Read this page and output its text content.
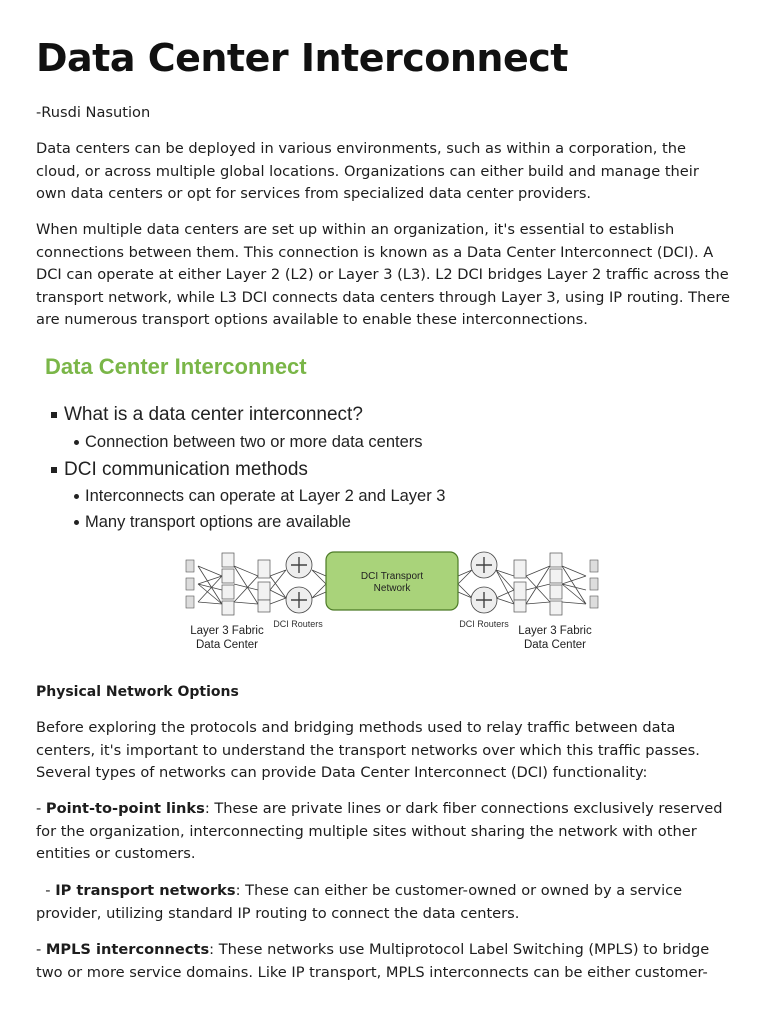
Data Center Interconnect

-Rusdi Nasution

Data centers can be deployed in various environments, such as within a corporation, the cloud, or across multiple global locations. Organizations can either build and manage their own data centers or opt for services from specialized data center providers.

When multiple data centers are set up within an organization, it's essential to establish connections between them. This connection is known as a Data Center Interconnect (DCI). A DCI can operate at either Layer 2 (L2) or Layer 3 (L3). L2 DCI bridges Layer 2 traffic across the transport network, while L3 DCI connects data centers through Layer 3, using IP routing. There are numerous transport options available to enable these interconnections.

Physical Network Options

Before exploring the protocols and bridging methods used to relay traffic between data centers, it's important to understand the transport networks over which this traffic passes. Several types of networks can provide Data Center Interconnect (DCI) functionality:

- Point-to-point links: These are private lines or dark fiber connections exclusively reserved for the organization, interconnecting multiple sites without sharing the network with other entities or customers.

- IP transport networks: These can either be customer-owned or owned by a service provider, utilizing standard IP routing to connect the data centers.

- MPLS interconnects: These networks use Multiprotocol Label Switching (MPLS) to bridge two or more service domains. Like IP transport, MPLS interconnects can be either customer-

Data Center Interconnect
What is a data center interconnect?
Connection between two or more data centers
DCI communication methods
Interconnects can operate at Layer 2 and Layer 3
Many transport options are available
DCI Transport
Network
DCI Routers	DCI Routers
Layer 3 Fabric
Data Center
Layer 3 Fabric
Data Center
